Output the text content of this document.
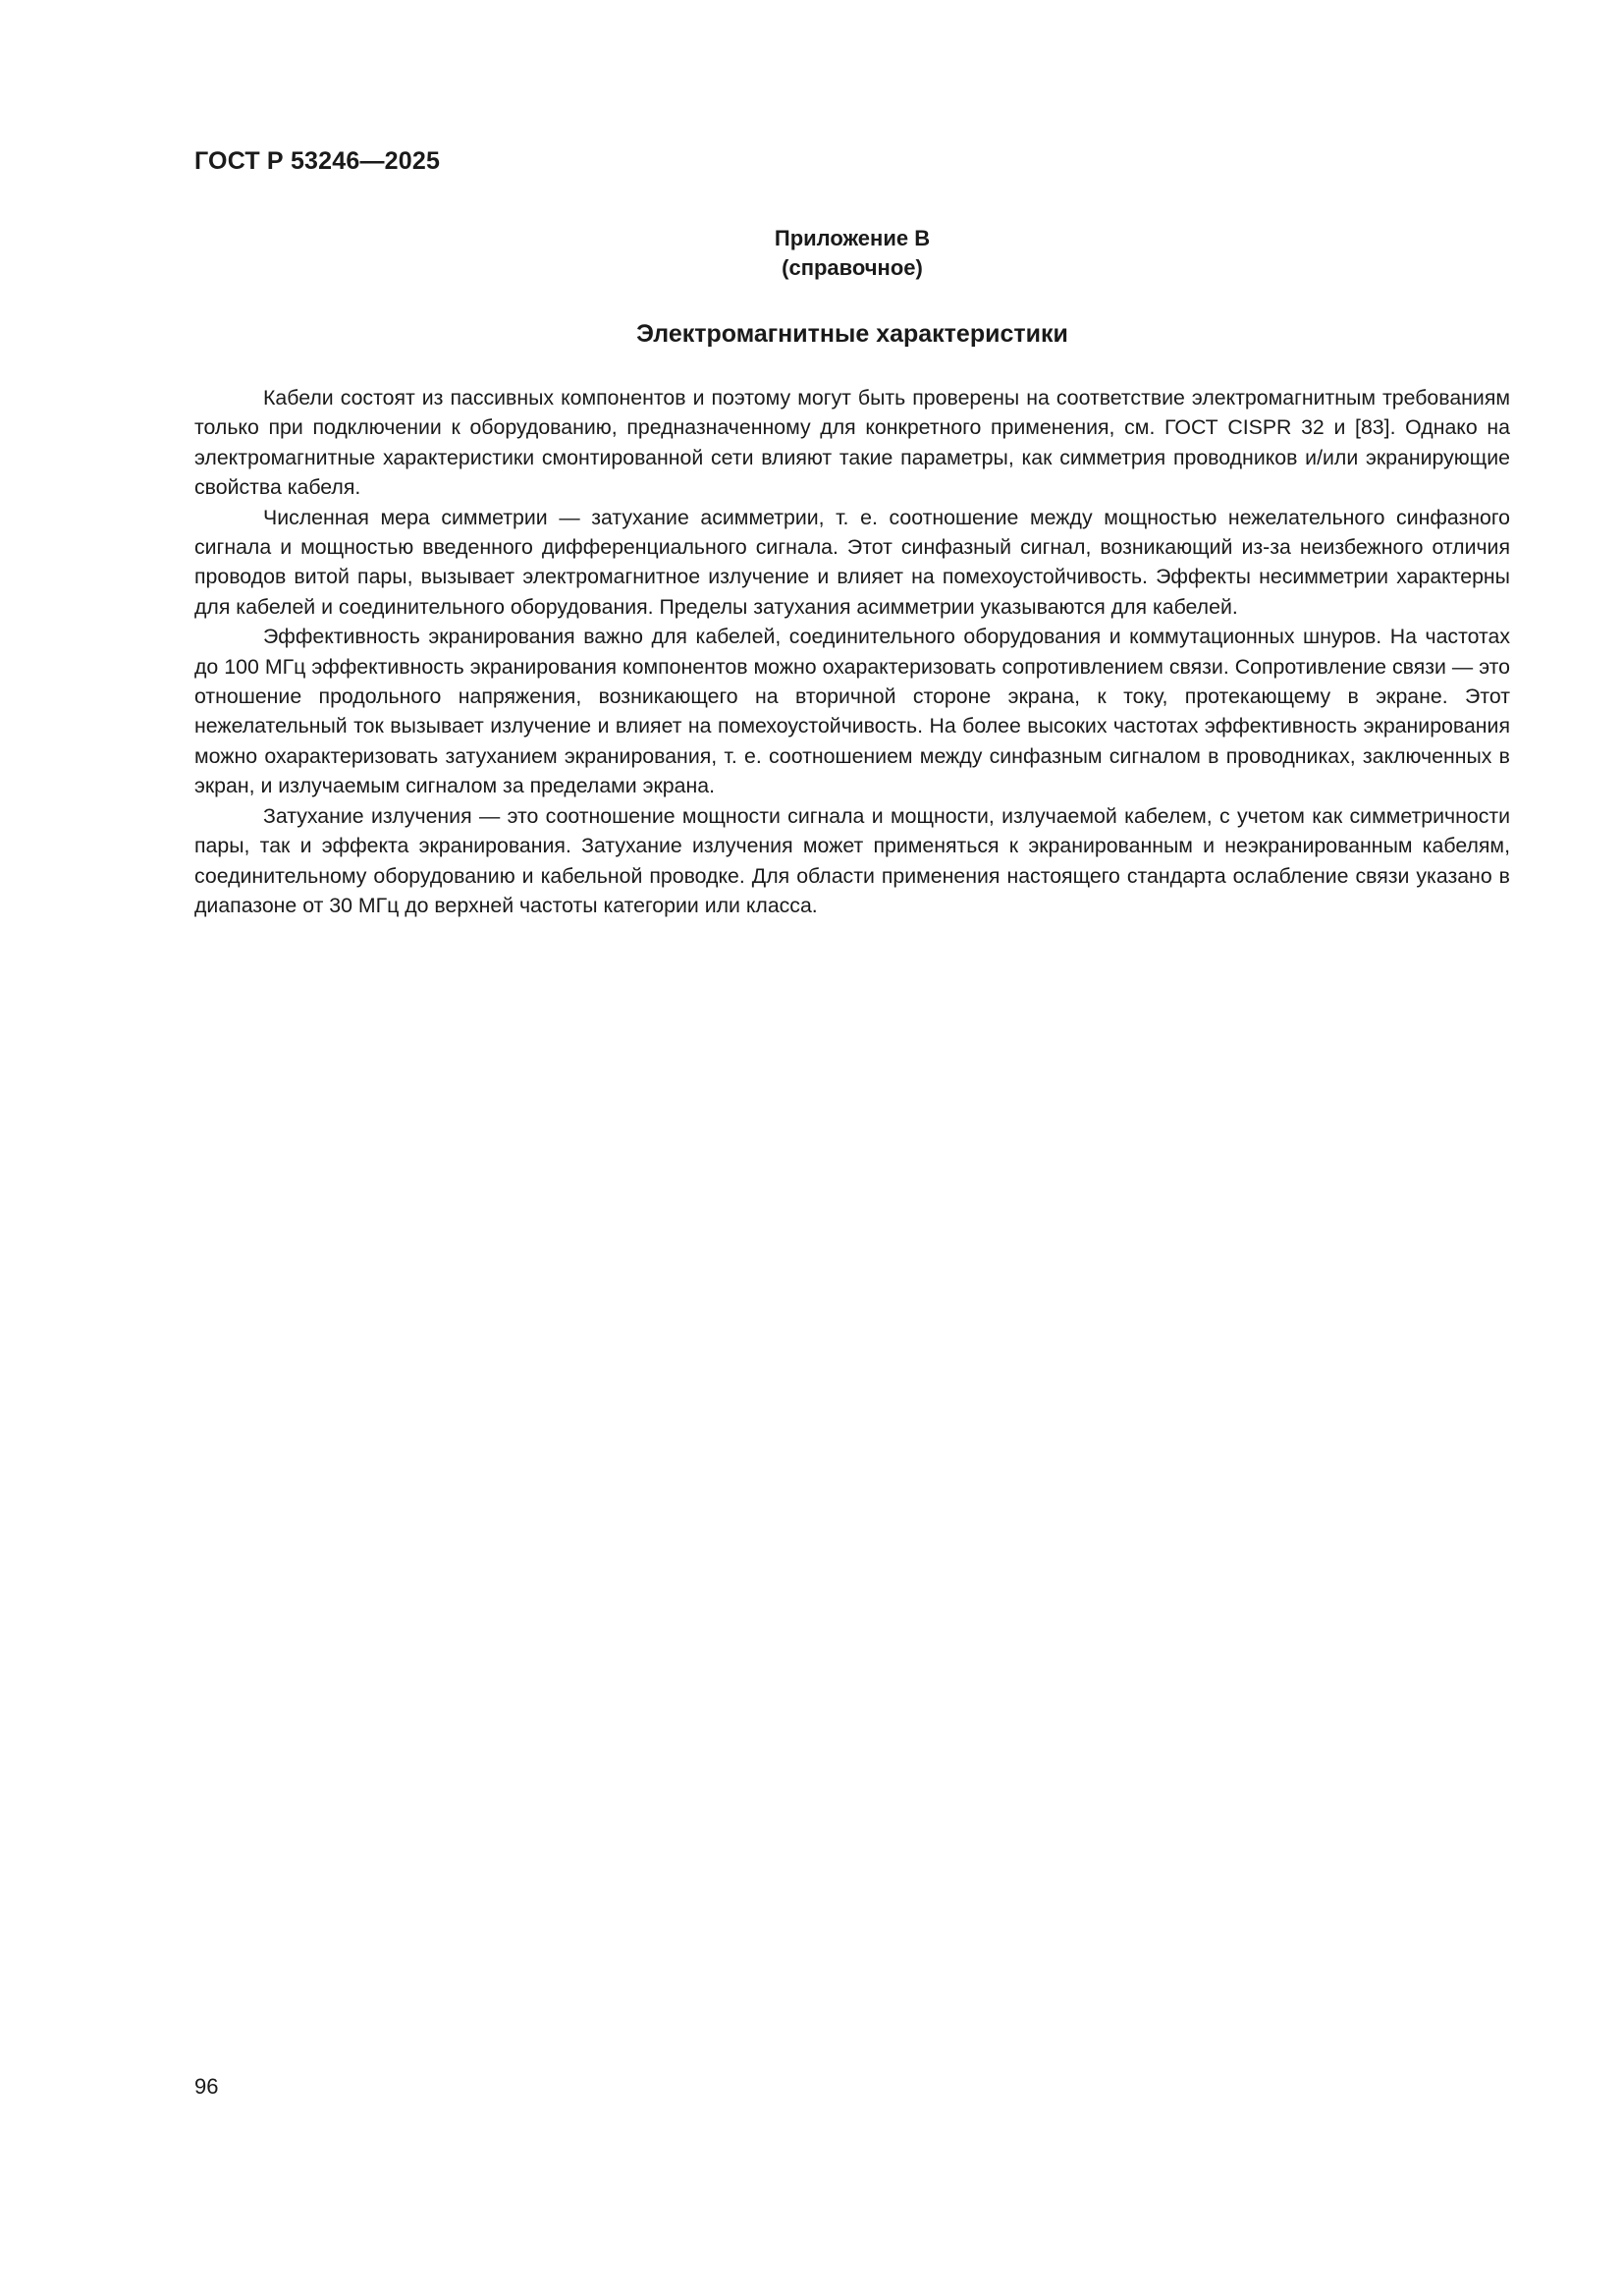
ГОСТ Р 53246—2025
Приложение В
(справочное)
Электромагнитные характеристики

Кабели состоят из пассивных компонентов и поэтому могут быть проверены на соответствие электромагнитным требованиям только при подключении к оборудованию, предназначенному для конкретного применения, см. ГОСТ CISPR 32 и [83]. Однако на электромагнитные характеристики смонтированной сети влияют такие параметры, как симметрия проводников и/или экранирующие свойства кабеля.

Численная мера симметрии — затухание асимметрии, т. е. соотношение между мощностью нежелательного синфазного сигнала и мощностью введенного дифференциального сигнала. Этот синфазный сигнал, возникающий из-за неизбежного отличия проводов витой пары, вызывает электромагнитное излучение и влияет на помехоустойчивость. Эффекты несимметрии характерны для кабелей и соединительного оборудования. Пределы затухания асимметрии указываются для кабелей.

Эффективность экранирования важно для кабелей, соединительного оборудования и коммутационных шнуров. На частотах до 100 МГц эффективность экранирования компонентов можно охарактеризовать сопротивлением связи. Сопротивление связи — это отношение продольного напряжения, возникающего на вторичной стороне экрана, к току, протекающему в экране. Этот нежелательный ток вызывает излучение и влияет на помехоустойчивость. На более высоких частотах эффективность экранирования можно охарактеризовать затуханием экранирования, т. е. соотношением между синфазным сигналом в проводниках, заключенных в экран, и излучаемым сигналом за пределами экрана.

Затухание излучения — это соотношение мощности сигнала и мощности, излучаемой кабелем, с учетом как симметричности пары, так и эффекта экранирования. Затухание излучения может применяться к экранированным и неэкранированным кабелям, соединительному оборудованию и кабельной проводке. Для области применения настоящего стандарта ослабление связи указано в диапазоне от 30 МГц до верхней частоты категории или класса.

96
